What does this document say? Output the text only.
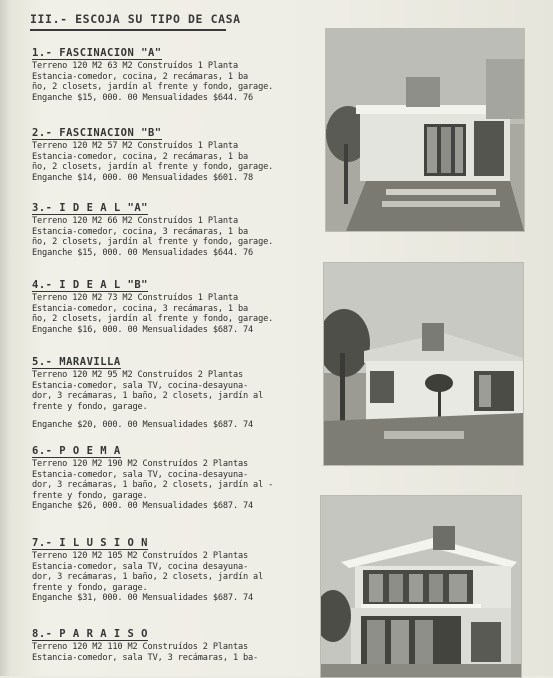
III.- ESCOJA SU TIPO DE CASA
1.- FASCINACION "A"
Terreno 120 M2 63 M2 Construídos 1 Planta
Estancia-comedor, cocina, 2 recámaras, 1 ba
ño, 2 closets, jardín al frente y fondo, garage.
Enganche $15, 000. 00 Mensualidades $644. 76
2.- FASCINACION "B"
Terreno 120 M2 57 M2 Construídos 1 Planta
Estancia-comedor, cocina, 2 recámaras, 1 ba
ño, 2 closets, jardín al frente y fondo, garage.
Enganche $14, 000. 00 Mensualidades $601. 78
3.- I D E A L "A"
Terreno 120 M2 66 M2 Construídos 1 Planta
Estancia-comedor, cocina, 3 recámaras, 1 ba
ño, 2 closets, jardín al frente y fondo, garage.
Enganche $15, 000. 00 Mensualidades $644. 76
4.- I D E A L "B"
Terreno 120 M2 73 M2 Construídos 1 Planta
Estancia-comedor, cocina, 3 recámaras, 1 ba
ño, 2 closets, jardín al frente y fondo, garage.
Enganche $16, 000. 00 Mensualidades $687. 74
5.- MARAVILLA
Terreno 120 M2 95 M2 Construídos 2 Plantas
Estancia-comedor, sala TV, cocina-desayuna-
dor, 3 recámaras, 1 baño, 2 closets, jardín al
frente y fondo, garage.
Enganche $20, 000. 00 Mensualidades $687. 74
6.- P O E M A
Terreno 120 M2 190 M2 Construídos 2 Plantas
Estancia-comedor, sala TV, cocina-desayuna-
dor, 3 recámaras, 1 baño, 2 closets, jardín al -
frente y fondo, garage.
Enganche $26, 000. 00 Mensualidades $687. 74
7.- I L U S I O N
Terreno 120 M2 105 M2 Construídos 2 Plantas
Estancia-comedor, sala TV, cocina desayuna-
dor, 3 recámaras, 1 baño, 2 closets, jardín al
frente y fondo, garage.
Enganche $31, 000. 00 Mensualidades $687. 74
8.- P A R A I S O
Terreno 120 M2 110 M2 Construídos 2 Plantas
Estancia-comedor, sala TV, 3 recámaras, 1 ba-
